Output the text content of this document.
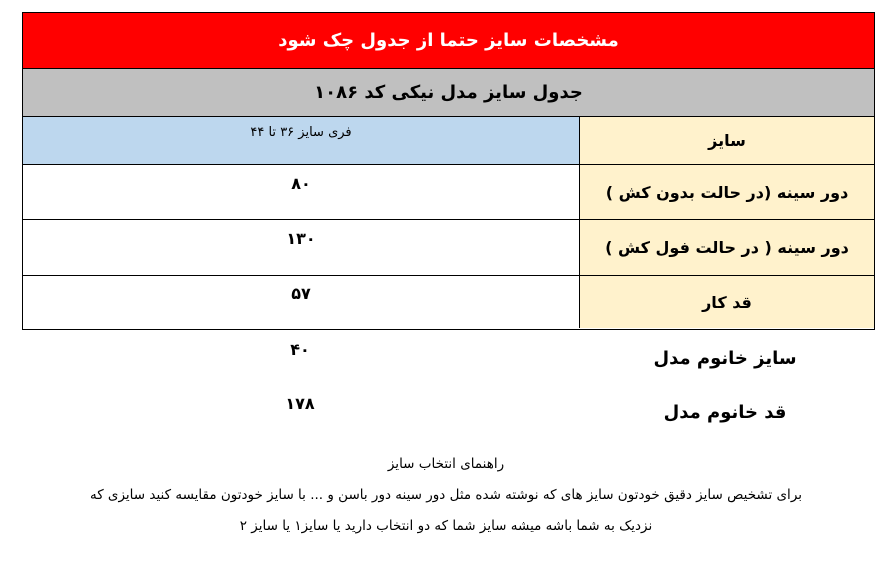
مشخصات سایز حتما از جدول چک شود
جدول سایز مدل نیکی کد ۱۰۸۶
سایز
فری سایز ۳۶ تا ۴۴
دور سینه (در حالت بدون کش )
۸۰
دور سینه ( در حالت فول کش )
۱۳۰
قد کار
۵۷
سایز خانوم مدل
۴۰
قد خانوم مدل
۱۷۸
راهنمای انتخاب سایز
برای تشخیص سایز دقیق خودتون سایز های که نوشته شده مثل دور سینه دور باسن و ... با سایز خودتون مقایسه کنید سایزی که
نزدیک به شما باشه میشه سایز شما که دو انتخاب دارید یا سایز۱ یا سایز ۲
